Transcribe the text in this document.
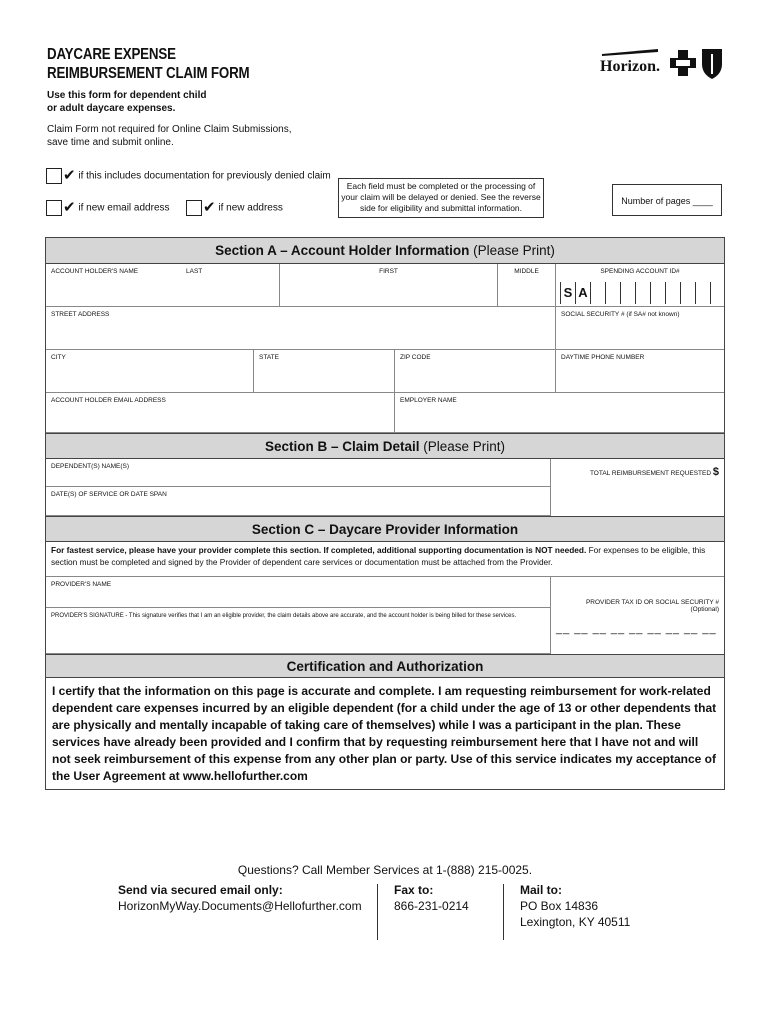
DAYCARE EXPENSE
REIMBURSEMENT CLAIM FORM	Horizon.
Use this form for dependent child
or adult daycare expenses.
Claim Form not required for Online Claim Submissions,
save time and submit online.
✔ if this includes documentation for previously denied claim
✔ if new email address	✔ if new address
Each field must be completed or the processing of your claim will be delayed or denied. See the reverse side for eligibility and submittal information.
Number of pages ____
Section A – Account Holder Information (Please Print)
ACCOUNT HOLDER'S NAME	LAST	FIRST	MIDDLE	SPENDING ACCOUNT ID#
S A
STREET ADDRESS	SOCIAL SECURITY # (if SA# not known)
CITY	STATE	ZIP CODE	DAYTIME PHONE NUMBER
ACCOUNT HOLDER EMAIL ADDRESS	EMPLOYER NAME
Section B – Claim Detail (Please Print)
DEPENDENT(S) NAME(S)
TOTAL REIMBURSEMENT REQUESTED $
DATE(S) OF SERVICE OR DATE SPAN
Section C – Daycare Provider Information
For fastest service, please have your provider complete this section. If completed, additional supporting documentation is NOT needed. For expenses to be eligible, this section must be completed and signed by the Provider of dependent care services or documentation must be attached from the Provider.
PROVIDER'S NAME
PROVIDER TAX ID OR SOCIAL SECURITY # (Optional)
__ __ __ __ __ __ __ __ __
PROVIDER'S SIGNATURE - This signature verifies that I am an eligible provider, the claim details above are accurate, and the account holder is being billed for these services.
Certification and Authorization
I certify that the information on this page is accurate and complete. I am requesting reimbursement for work-related dependent care expenses incurred by an eligible dependent (for a child under the age of 13 or other dependents that are physically and mentally incapable of taking care of themselves) while I was a participant in the plan. These services have already been provided and I confirm that by requesting reimbursement here that I have not and will not seek reimbursement of this expense from any other plan or party. Use of this service indicates my acceptance of the User Agreement at www.hellofurther.com
Questions? Call Member Services at 1-(888) 215-0025.
Send via secured email only:
HorizonMyWay.Documents@Hellofurther.com
Fax to:
866-231-0214
Mail to:
PO Box 14836
Lexington, KY 40511
